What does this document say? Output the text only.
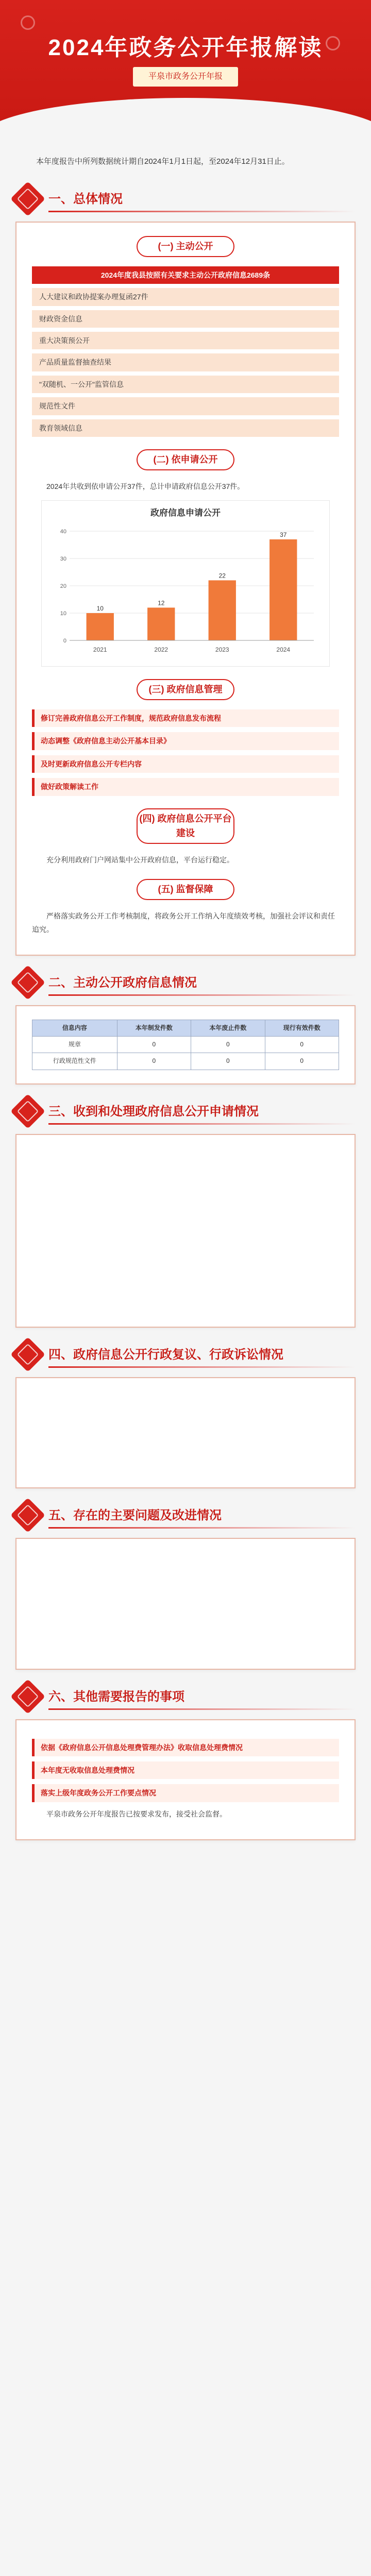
2024年政务公开年报解读
平泉市政务公开年报

本年度报告中所列数据统计期自2024年1月1日起，至2024年12月31日止。

一、总体情况
(一) 主动公开
2024年度我县按照有关要求主动公开政府信息2689条
人大建议和政协提案办理复函27件
财政资金信息
重大决策预公开
产品质量监督抽查结果
"双随机、一公开"监管信息
规范性文件
教育领域信息
(二) 依申请公开

2024年共收到依申请公开37件，总计申请政府信息公开37件。

政府信息申请公开
0
10
20
30
40
10
2021
12
2022
22
2023
37
2024
(三) 政府信息管理
修订完善政府信息公开工作制度，规范政府信息发布流程
动态调整《政府信息主动公开基本目录》
及时更新政府信息公开专栏内容
做好政策解读工作
(四) 政府信息公开平台建设

充分利用政府门户网站集中公开政府信息，平台运行稳定。

(五) 监督保障

严格落实政务公开工作考核制度，将政务公开工作纳入年度绩效考核，加强社会评议和责任追究。

二、主动公开政府信息情况
信息内容	本年制发件数	本年废止件数	现行有效件数
规章	0	0	0
行政规范性文件	0	0	0
三、收到和处理政府信息公开申请情况
四、政府信息公开行政复议、行政诉讼情况
五、存在的主要问题及改进情况
六、其他需要报告的事项
依据《政府信息公开信息处理费管理办法》收取信息处理费情况
本年度无收取信息处理费情况
落实上级年度政务公开工作要点情况

平泉市政务公开年度报告已按要求发布，接受社会监督。
